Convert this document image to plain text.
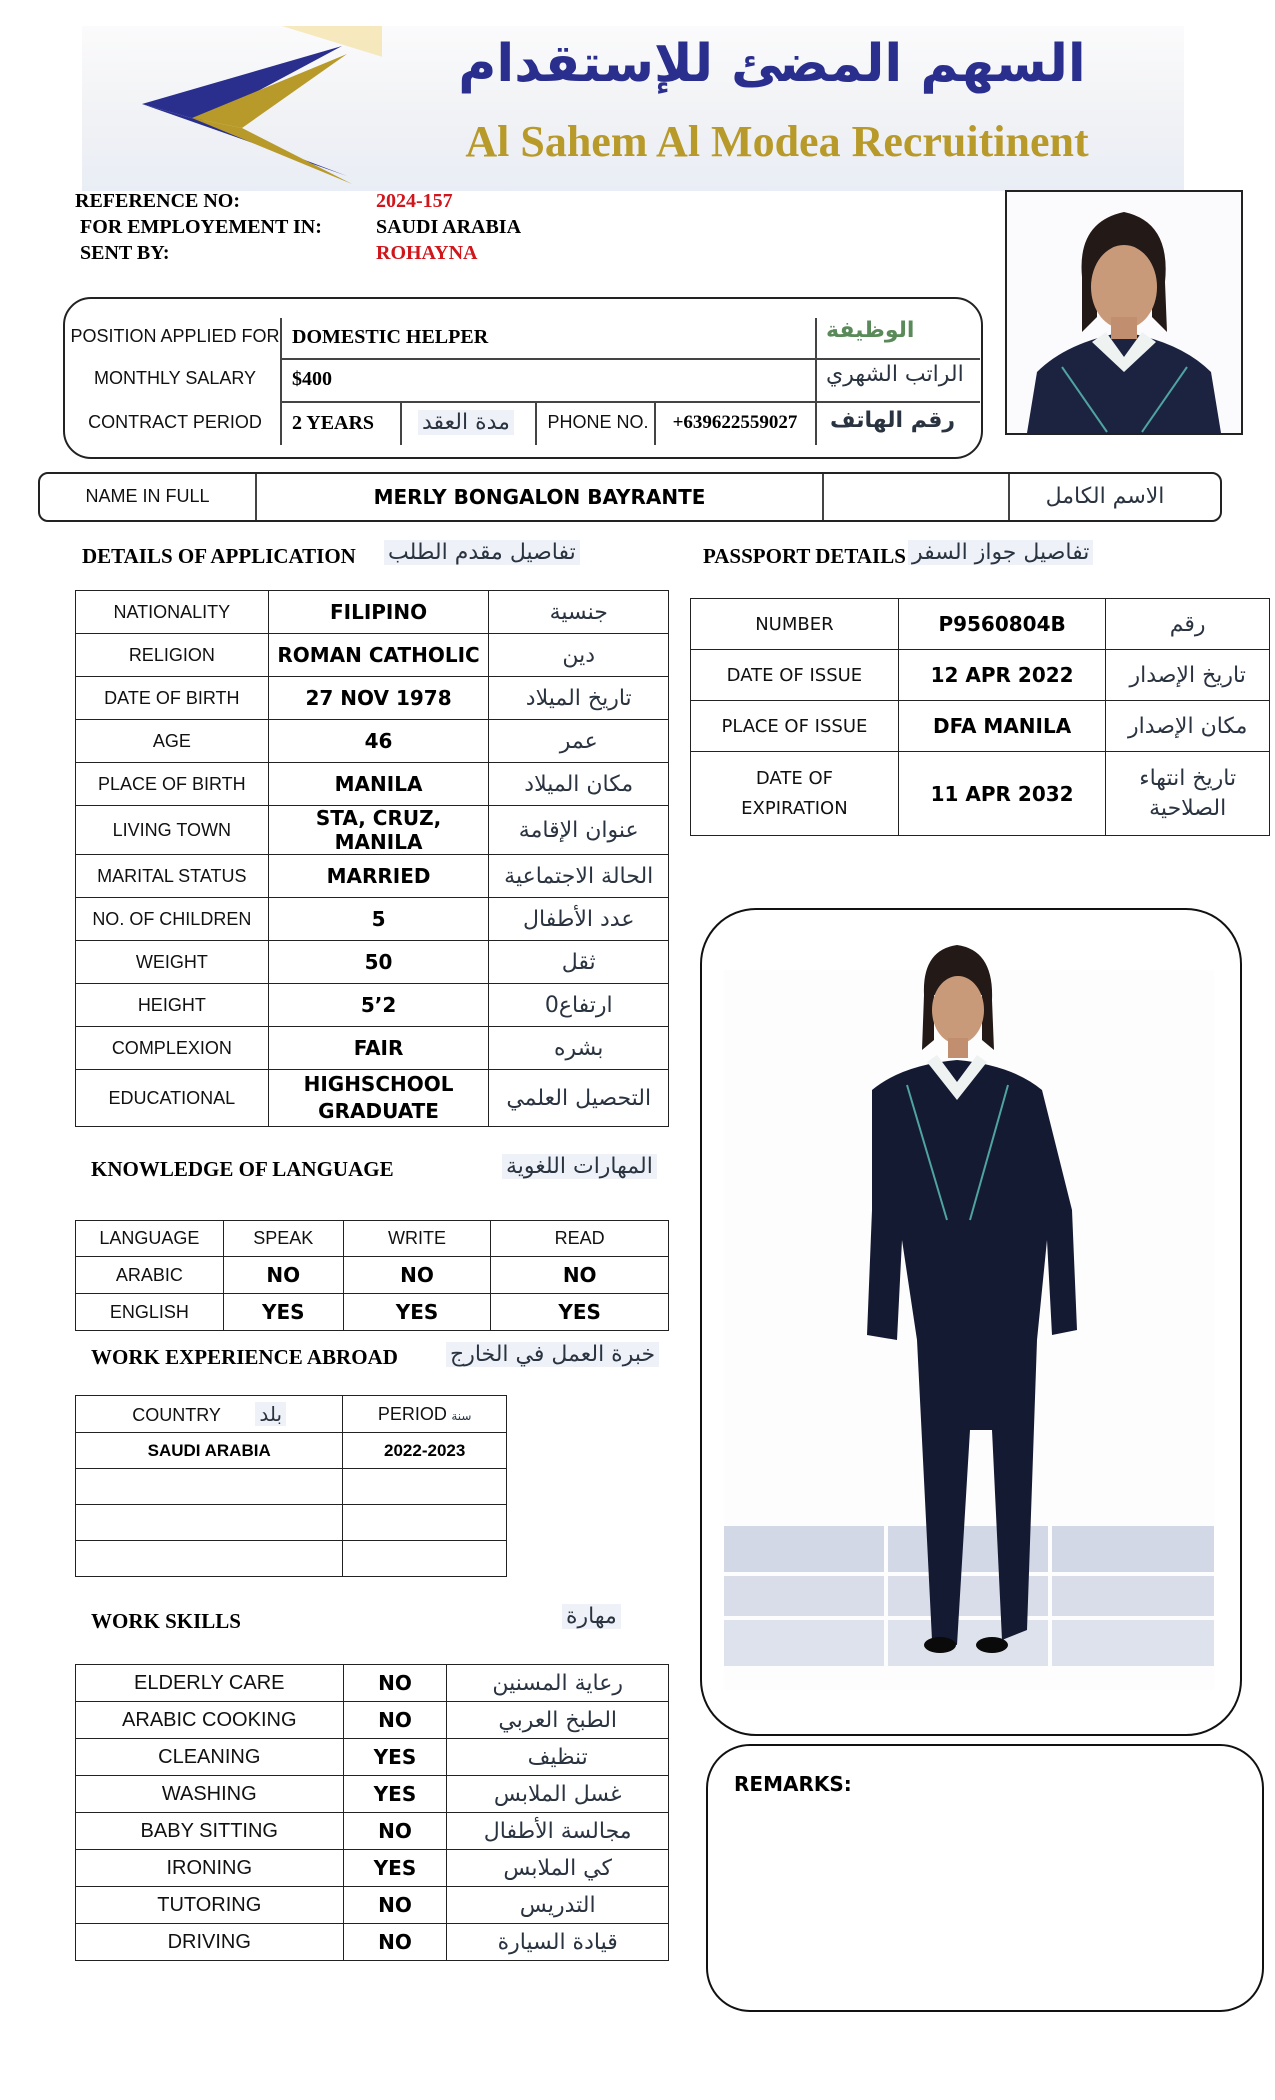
السهم المضئ للإستقدام
Al Sahem Al Modea Recruitinent
REFERENCE NO:	2024-157
FOR EMPLOYEMENT IN:	SAUDI ARABIA
SENT BY:	ROHAYNA
POSITION APPLIED FOR DOMESTIC HELPER	الوظيفة
MONTHLY SALARY	$400	الراتب الشهري
CONTRACT PERIOD	2 YEARS مدة العقد	PHONE NO.	+639622559027	رقم الهاتف
NAME IN FULL	MERLY BONGALON BAYRANTE	الاسم الكامل
DETAILS OF APPLICATION تفاصيل مقدم الطلب
NATIONALITY	FILIPINO	جنسية
RELIGION	ROMAN CATHOLIC	دين
DATE OF BIRTH	27 NOV 1978	تاريخ الميلاد
AGE	46	عمر
PLACE OF BIRTH	MANILA	مكان الميلاد
LIVING TOWN	STA, CRUZ, MANILA	عنوان الإقامة
MARITAL STATUS	MARRIED	الحالة الاجتماعية
NO. OF CHILDREN	5	عدد الأطفال
WEIGHT	50	ثقل
HEIGHT	5’2	ارتفاع0
COMPLEXION	FAIR	بشره
EDUCATIONAL	HIGHSCHOOL GRADUATE	التحصيل العلمي
PASSPORT DETAILS تفاصيل جواز السفر
NUMBER	P9560804B	رقم
DATE OF ISSUE	12 APR 2022	تاريخ الإصدار
PLACE OF ISSUE	DFA MANILA	مكان الإصدار
DATE OF EXPIRATION	11 APR 2032	تاريخ انتهاء الصلاحية
KNOWLEDGE OF LANGUAGE	المهارات اللغوية
LANGUAGE	SPEAK	WRITE	READ
ARABIC	NO	NO	NO
ENGLISH	YES	YES	YES
WORK EXPERIENCE ABROAD خبرة العمل في الخارج
COUNTRY بلد	PERIOD سنة
SAUDI ARABIA	2022-2023

WORK SKILLS	مهارة
ELDERLY CARE	NO	رعاية المسنين
ARABIC COOKING	NO	الطبخ العربي
CLEANING	YES	تنظيف
WASHING	YES	غسل الملابس
BABY SITTING	NO	مجالسة الأطفال
IRONING	YES	كي الملابس
TUTORING	NO	التدريس
DRIVING	NO	قيادة السيارة
REMARKS:
